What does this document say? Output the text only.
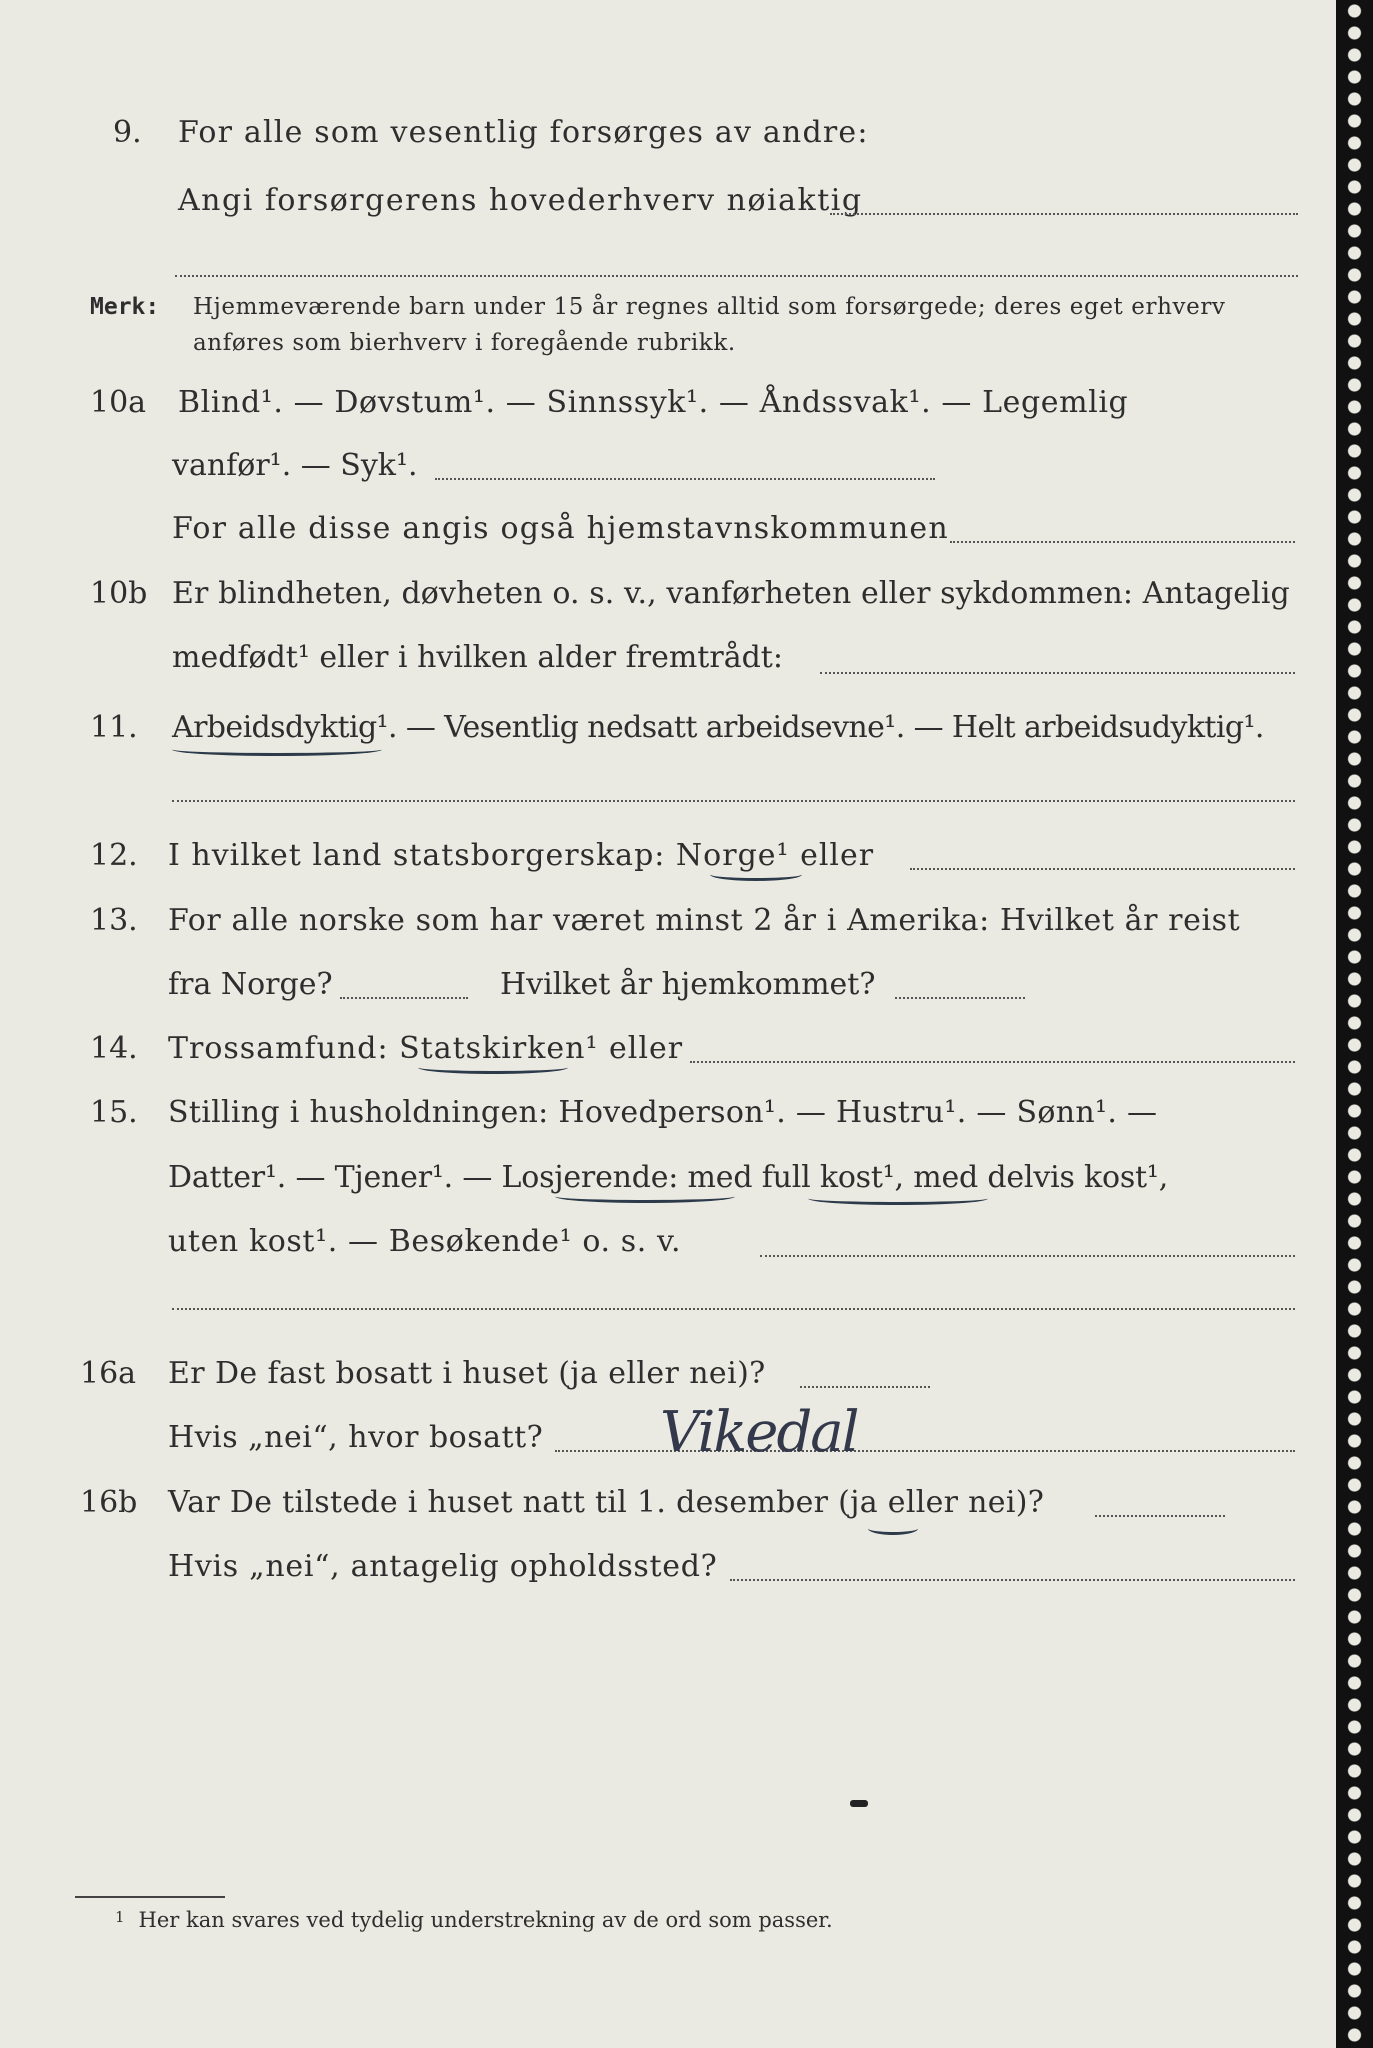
9. For alle som vesentlig forsørges av andre:
Angi forsørgerens hovederhverv nøiaktig
Merk: Hjemmeværende barn under 15 år regnes alltid som forsørgede; deres eget erhverv
anføres som bierhverv i foregående rubrikk.
10a Blind¹. — Døvstum¹. — Sinnssyk¹. — Åndssvak¹. — Legemlig
vanfør¹. — Syk¹.
For alle disse angis også hjemstavnskommunen
10b Er blindheten, døvheten o. s. v., vanførheten eller sykdommen: Antagelig
medfødt¹ eller i hvilken alder fremtrådt:
11. Arbeidsdyktig¹. — Vesentlig nedsatt arbeidsevne¹. — Helt arbeidsudyktig¹.
12. I hvilket land statsborgerskap: Norge¹ eller
13. For alle norske som har været minst 2 år i Amerika: Hvilket år reist
fra Norge?	Hvilket år hjemkommet?
14. Trossamfund: Statskirken¹ eller
15. Stilling i husholdningen: Hovedperson¹. — Hustru¹. — Sønn¹. —
Datter¹. — Tjener¹. — Losjerende: med full kost¹, med delvis kost¹,
uten kost¹. — Besøkende¹ o. s. v.
16a Er De fast bosatt i huset (ja eller nei)?
Hvis „nei“, hvor bosatt? Vikedal
16b Var De tilstede i huset natt til 1. desember (ja eller nei)?
Hvis „nei“, antagelig opholdssted?
$^1$ Her kan svares ved tydelig understrekning av de ord som passer.
